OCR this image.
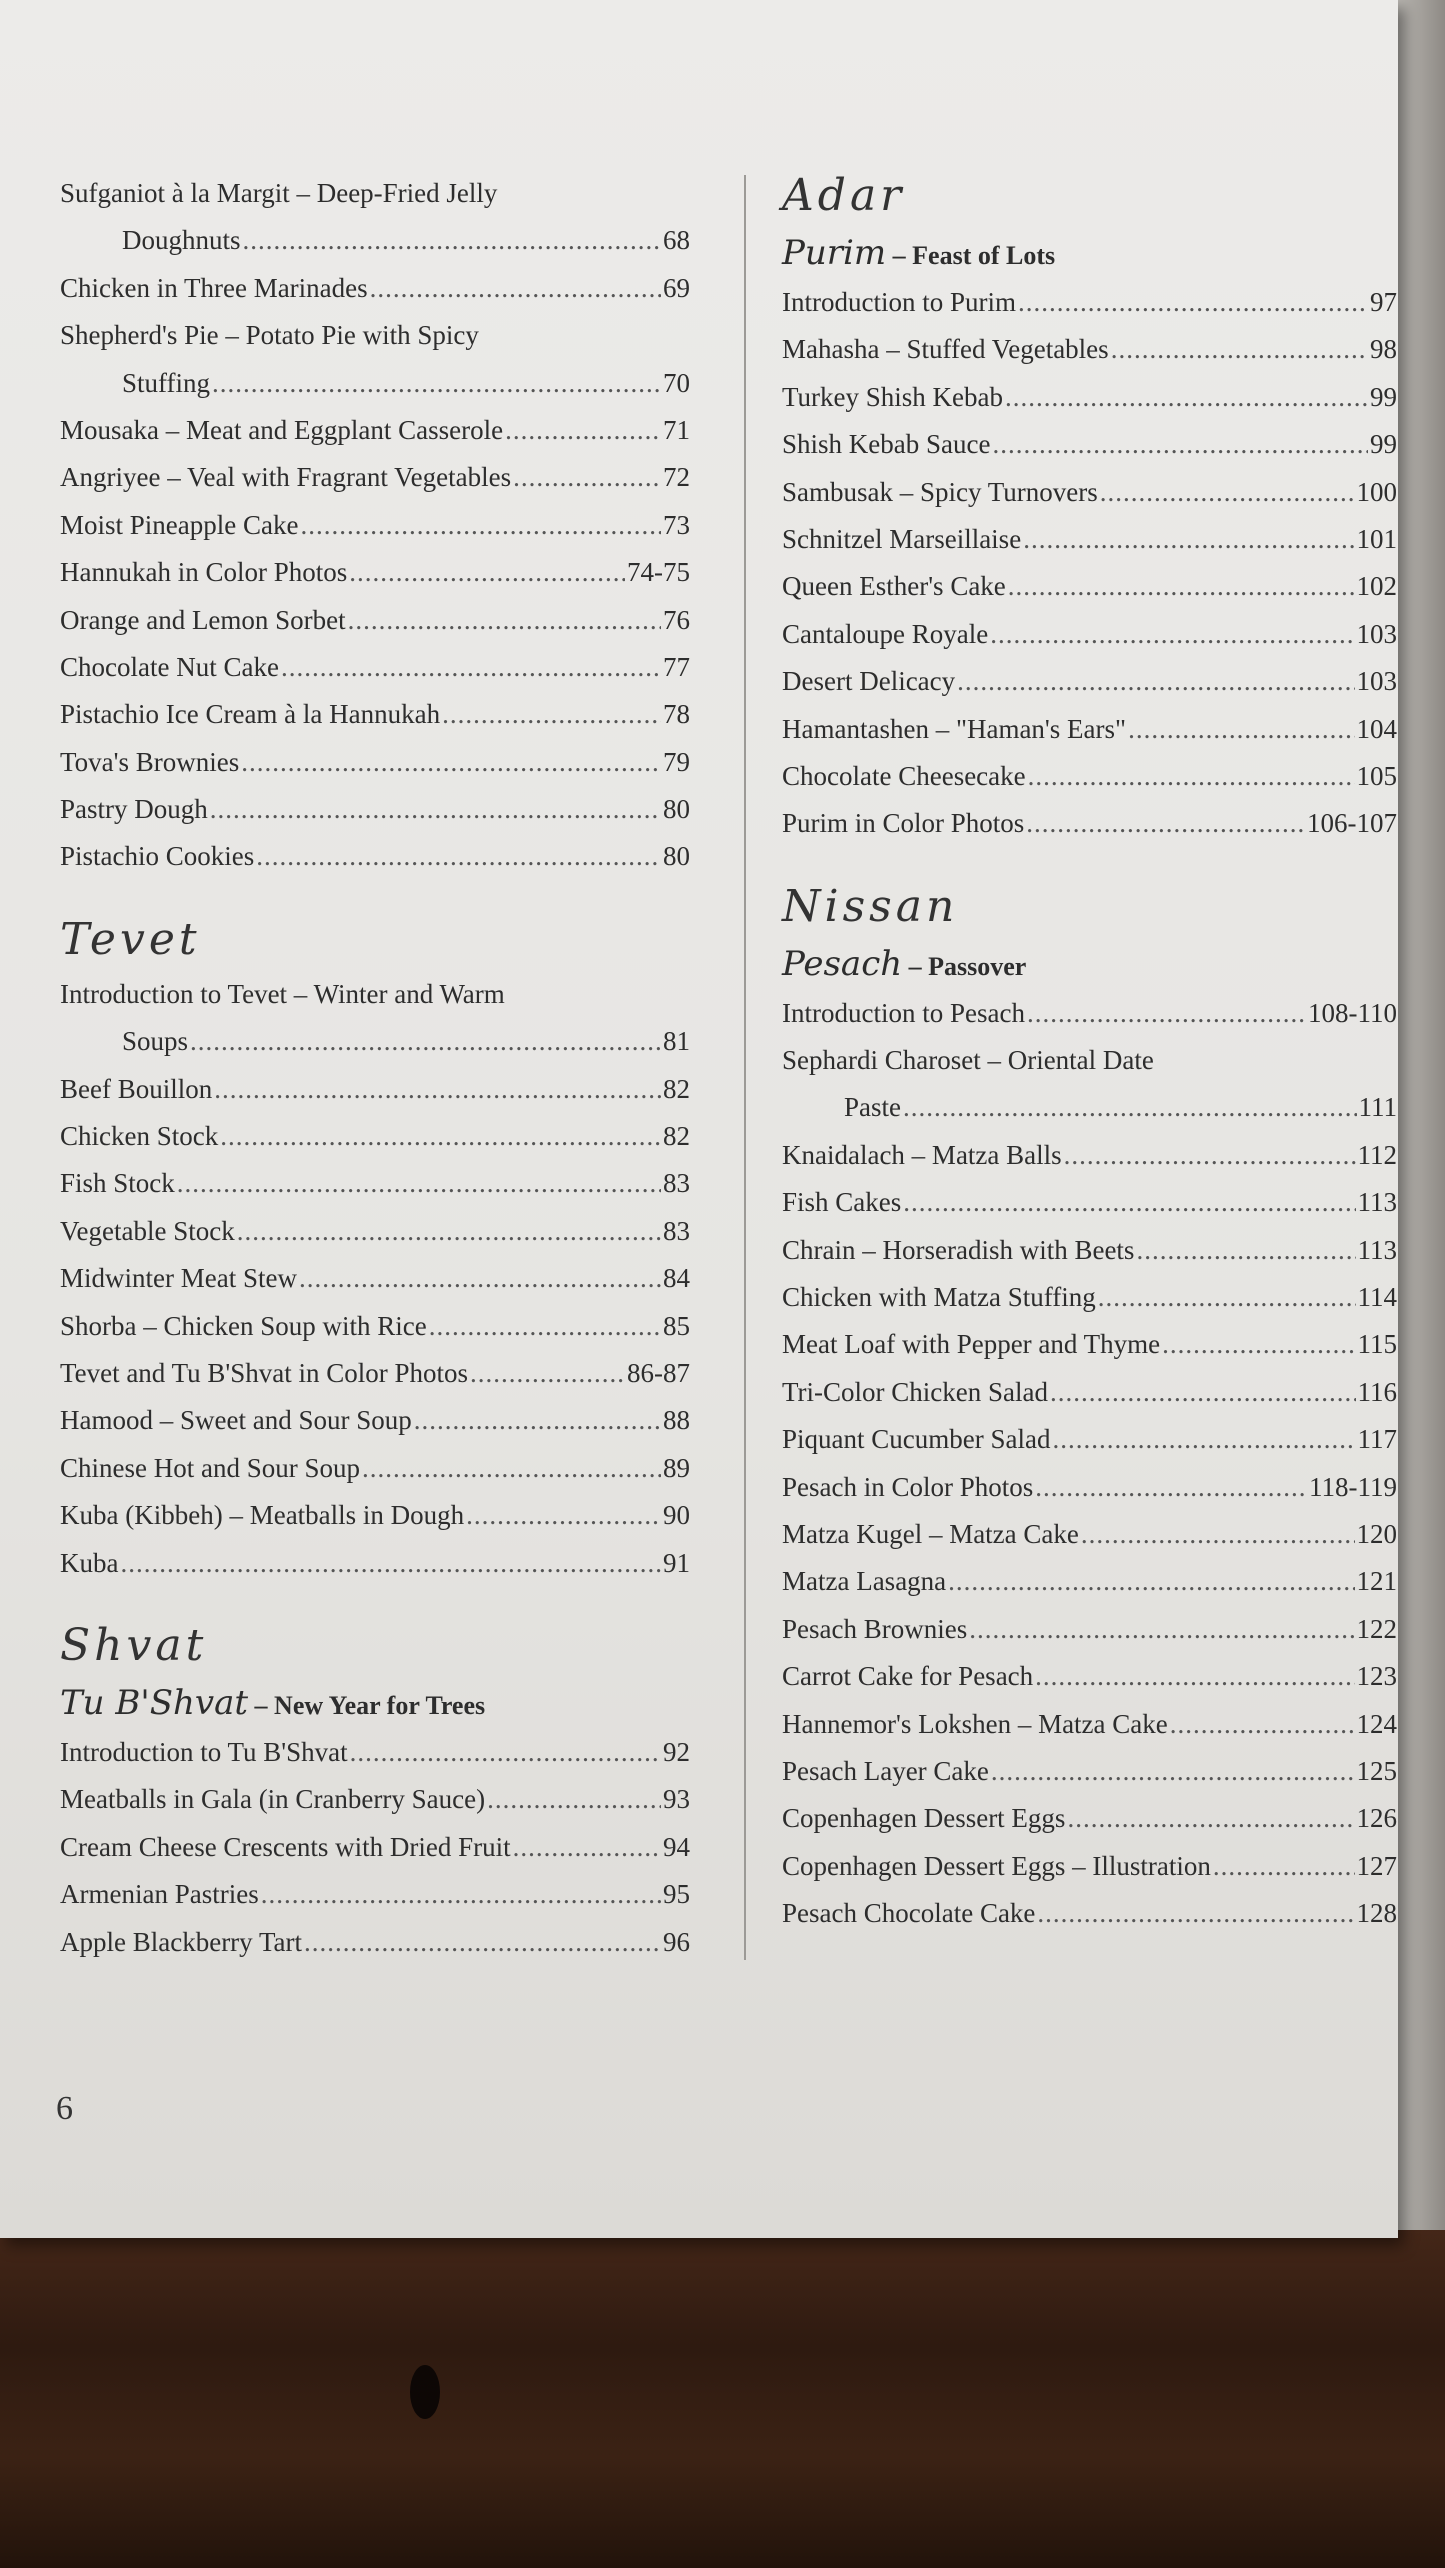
Sufganiot à la Margit – Deep-Fried Jelly
Doughnuts .....	68
Chicken in Three Marinades .....	69
Shepherd's Pie – Potato Pie with Spicy
Stuffing .....	70
Mousaka – Meat and Eggplant Casserole .....	71
Angriyee – Veal with Fragrant Vegetables .....	72
Moist Pineapple Cake .....	73
Hannukah in Color Photos .....	74-75
Orange and Lemon Sorbet .....	76
Chocolate Nut Cake .....	77
Pistachio Ice Cream à la Hannukah .....	78
Tova's Brownies .....	79
Pastry Dough .....	80
Pistachio Cookies .....	80
Tevet
Introduction to Tevet – Winter and Warm
Soups .....	81
Beef Bouillon .....	82
Chicken Stock .....	82
Fish Stock .....	83
Vegetable Stock .....	83
Midwinter Meat Stew .....	84
Shorba – Chicken Soup with Rice .....	85
Tevet and Tu B'Shvat in Color Photos .....	86-87
Hamood – Sweet and Sour Soup .....	88
Chinese Hot and Sour Soup .....	89
Kuba (Kibbeh) – Meatballs in Dough .....	90
Kuba .....	91
Shvat
Tu B'Shvat – New Year for Trees
Introduction to Tu B'Shvat .....	92
Meatballs in Gala (in Cranberry Sauce) .....	93
Cream Cheese Crescents with Dried Fruit .....	94
Armenian Pastries .....	95
Apple Blackberry Tart .....	96
Adar
Purim – Feast of Lots
Introduction to Purim .....	97
Mahasha – Stuffed Vegetables .....	98
Turkey Shish Kebab .....	99
Shish Kebab Sauce .....	99
Sambusak – Spicy Turnovers .....	100
Schnitzel Marseillaise .....	101
Queen Esther's Cake .....	102
Cantaloupe Royale .....	103
Desert Delicacy .....	103
Hamantashen – "Haman's Ears" .....	104
Chocolate Cheesecake .....	105
Purim in Color Photos .....	106-107
Nissan
Pesach – Passover
Introduction to Pesach .....	108-110
Sephardi Charoset – Oriental Date
Paste .....	111
Knaidalach – Matza Balls .....	112
Fish Cakes .....	113
Chrain – Horseradish with Beets .....	113
Chicken with Matza Stuffing .....	114
Meat Loaf with Pepper and Thyme .....	115
Tri-Color Chicken Salad .....	116
Piquant Cucumber Salad .....	117
Pesach in Color Photos .....	118-119
Matza Kugel – Matza Cake .....	120
Matza Lasagna .....	121
Pesach Brownies .....	122
Carrot Cake for Pesach .....	123
Hannemor's Lokshen – Matza Cake .....	124
Pesach Layer Cake .....	125
Copenhagen Dessert Eggs .....	126
Copenhagen Dessert Eggs – Illustration .....	127
Pesach Chocolate Cake .....	128
6
